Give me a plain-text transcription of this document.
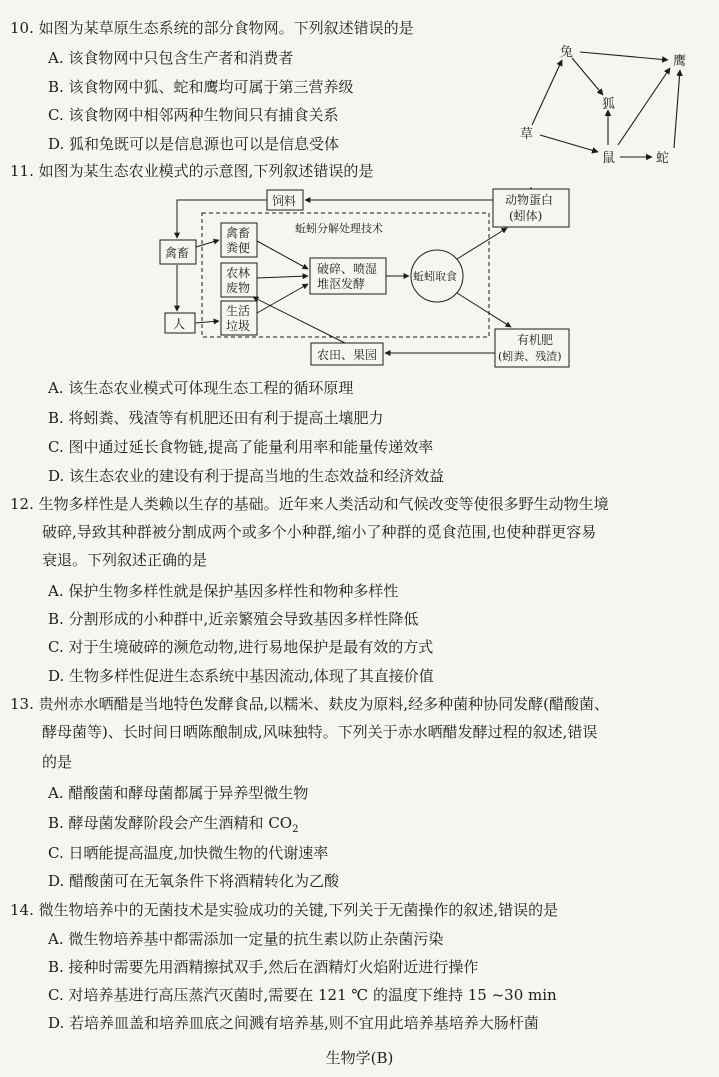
10. 如图为某草原生态系统的部分食物网。下列叙述错误的是
A. 该食物网中只包含生产者和消费者
B. 该食物网中狐、蛇和鹰均可属于第三营养级
C. 该食物网中相邻两种生物间只有捕食关系
D. 狐和兔既可以是信息源也可以是信息受体
兔
鹰
狐
草
鼠	蛇
11. 如图为某生态农业模式的示意图,下列叙述错误的是
饲料
禽畜
人
禽畜
粪便
农林
废物
生活
垃圾
蚯蚓分解处理技术
破碎、喷湿
堆沤发酵
蚯蚓取食
动物蛋白
(蚓体)
有机肥
(蚓粪、残渣)
农田、果园
A. 该生态农业模式可体现生态工程的循环原理
B. 将蚓粪、残渣等有机肥还田有利于提高土壤肥力
C. 图中通过延长食物链,提高了能量利用率和能量传递效率
D. 该生态农业的建设有利于提高当地的生态效益和经济效益
12. 生物多样性是人类赖以生存的基础。近年来人类活动和气候改变等使很多野生动物生境
破碎,导致其种群被分割成两个或多个小种群,缩小了种群的觅食范围,也使种群更容易
衰退。下列叙述正确的是
A. 保护生物多样性就是保护基因多样性和物种多样性
B. 分割形成的小种群中,近亲繁殖会导致基因多样性降低
C. 对于生境破碎的濒危动物,进行易地保护是最有效的方式
D. 生物多样性促进生态系统中基因流动,体现了其直接价值
13. 贵州赤水晒醋是当地特色发酵食品,以糯米、麸皮为原料,经多种菌种协同发酵(醋酸菌、
酵母菌等)、长时间日晒陈酿制成,风味独特。下列关于赤水晒醋发酵过程的叙述,错误
的是
A. 醋酸菌和酵母菌都属于异养型微生物
B. 酵母菌发酵阶段会产生酒精和 $CO_2$
C. 日晒能提高温度,加快微生物的代谢速率
D. 醋酸菌可在无氧条件下将酒精转化为乙酸
14. 微生物培养中的无菌技术是实验成功的关键,下列关于无菌操作的叙述,错误的是
A. 微生物培养基中都需添加一定量的抗生素以防止杂菌污染
B. 接种时需要先用酒精擦拭双手,然后在酒精灯火焰附近进行操作
C. 对培养基进行高压蒸汽灭菌时,需要在 121 ℃ 的温度下维持 15 ~30 min
D. 若培养皿盖和培养皿底之间溅有培养基,则不宜用此培养基培养大肠杆菌
生物学(B)
